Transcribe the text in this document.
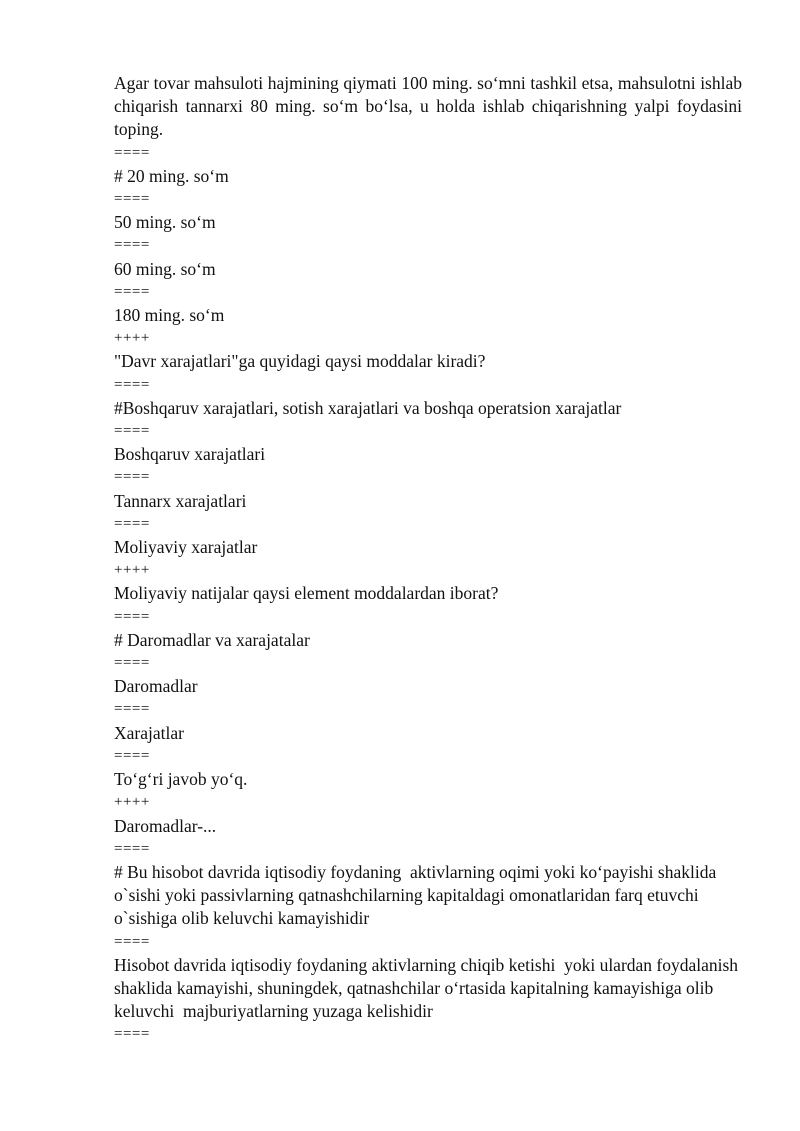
Agar tovar mahsuloti hajmining qiymati 100 ming. so‘mni tashkil etsa, mahsulotni ishlab chiqarish tannarxi 80 ming. so‘m bo‘lsa, u holda ishlab chiqarishning yalpi foydasini toping.

====

# 20 ming. so‘m

====

50 ming. so‘m

====

60 ming. so‘m

====

180 ming. so‘m

++++

"Davr xarajatlari"ga quyidagi qaysi moddalar kiradi?

====

#Boshqaruv xarajatlari, sotish xarajatlari va boshqa operatsion xarajatlar

====

Boshqaruv xarajatlari

====

Tannarx xarajatlari

====

Moliyaviy xarajatlar

++++

Moliyaviy natijalar qaysi element moddalardan iborat?

====

# Daromadlar va xarajatalar

====

Daromadlar

====

Xarajatlar

====

To‘g‘ri javob yo‘q.

++++

Daromadlar-...

====

# Bu hisobot davrida iqtisodiy foydaning  aktivlarning oqimi yoki ko‘payishi shaklida o`sishi yoki passivlarning qatnashchilarning kapitaldagi omonatlaridan farq etuvchi o`sishiga olib keluvchi kamayishidir

====

Hisobot davrida iqtisodiy foydaning aktivlarning chiqib ketishi  yoki ulardan foydalanish  shaklida kamayishi, shuningdek, qatnashchilar o‘rtasida kapitalning kamayishiga olib keluvchi  majburiyatlarning yuzaga kelishidir

====
